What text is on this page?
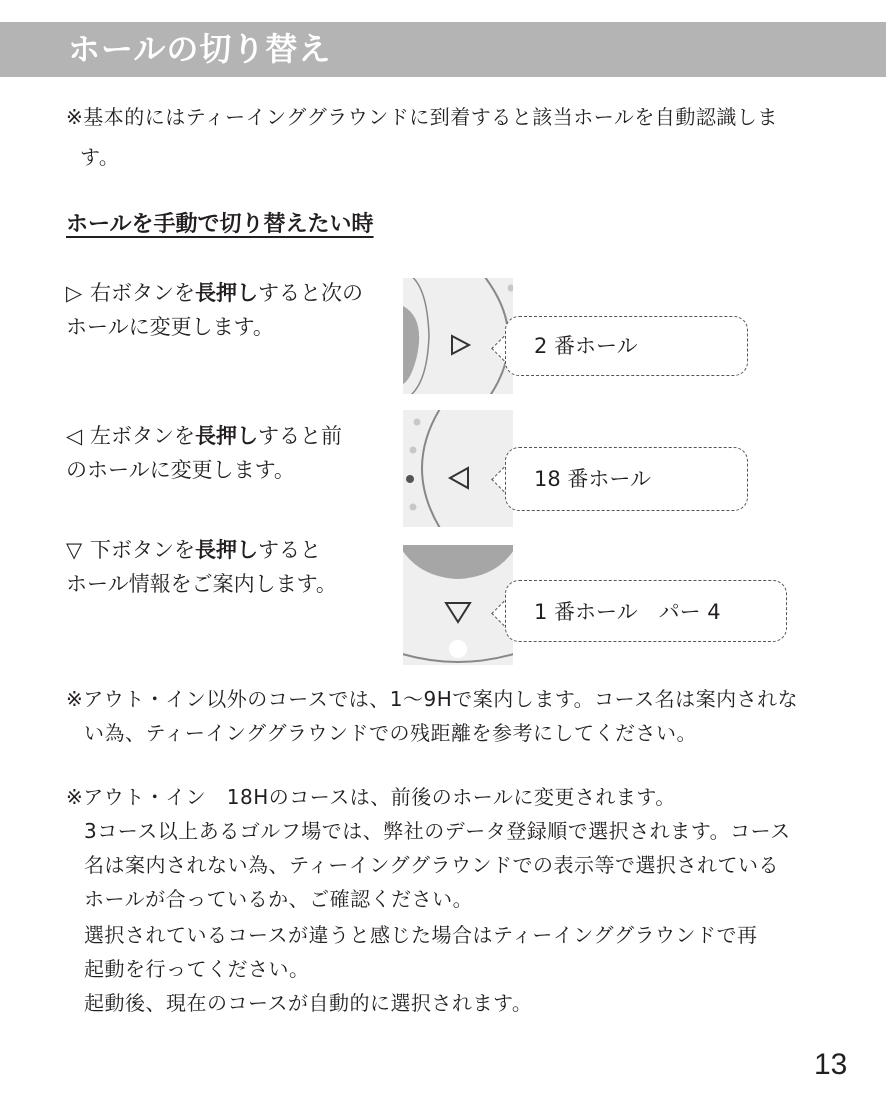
ホールの切り替え
※基本的にはティーインググラウンドに到着すると該当ホールを自動認識しま
す。
ホールを手動で切り替えたい時
▷ 右ボタンを長押しすると次の
ホールに変更します。
2 番ホール
◁ 左ボタンを長押しすると前
のホールに変更します。	18 番ホール
▽ 下ボタンを長押しすると
ホール情報をご案内します。
1 番ホール　パー 4
※アウト・イン以外のコースでは、1～9Hで案内します。コース名は案内されな
い為、ティーインググラウンドでの残距離を参考にしてください。
※アウト・イン　18Hのコースは、前後のホールに変更されます。
3コース以上あるゴルフ場では、弊社のデータ登録順で選択されます。コース
名は案内されない為、ティーインググラウンドでの表示等で選択されている
ホールが合っているか、ご確認ください。
選択されているコースが違うと感じた場合はティーインググラウンドで再
起動を行ってください。
起動後、現在のコースが自動的に選択されます。
13
